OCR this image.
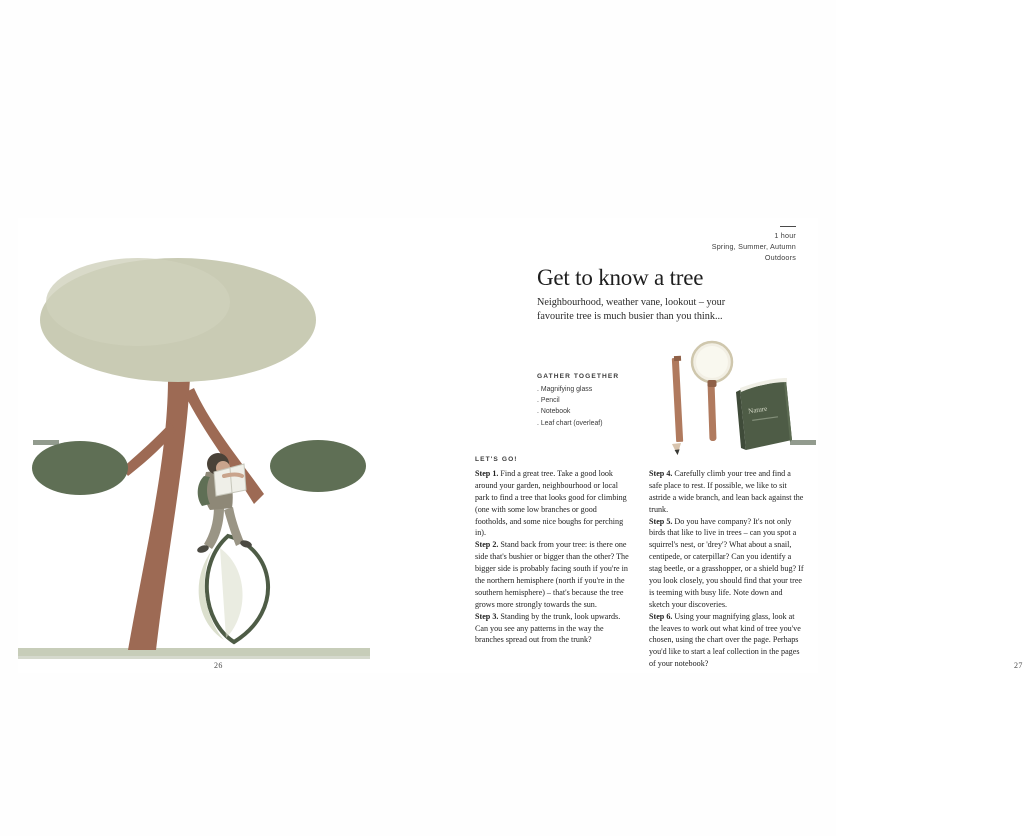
26
1 hour
Spring, Summer, Autumn
Outdoors
Get to know a tree
Neighbourhood, weather vane, lookout – your favourite tree is much busier than you think...
GATHER TOGETHER
. Magnifying glass
. Pencil
. Notebook
. Leaf chart (overleaf)
Nature
27
LET'S GO!

Step 1. Find a great tree. Take a good look around your garden, neighbourhood or local park to find a tree that looks good for climbing (one with some low branches or good footholds, and some nice boughs for perching in).

Step 2. Stand back from your tree: is there one side that's bushier or bigger than the other? The bigger side is probably facing south if you're in the northern hemisphere (north if you're in the southern hemisphere) – that's because the tree grows more strongly towards the sun.

Step 3. Standing by the trunk, look upwards. Can you see any patterns in the way the branches spread out from the trunk?

Step 4. Carefully climb your tree and find a safe place to rest. If possible, we like to sit astride a wide branch, and lean back against the trunk.

Step 5. Do you have company? It's not only birds that like to live in trees – can you spot a squirrel's nest, or 'drey'? What about a snail, centipede, or caterpillar? Can you identify a stag beetle, or a grasshopper, or a shield bug? If you look closely, you should find that your tree is teeming with busy life. Note down and sketch your discoveries.

Step 6. Using your magnifying glass, look at the leaves to work out what kind of tree you've chosen, using the chart over the page. Perhaps you'd like to start a leaf collection in the pages of your notebook?
